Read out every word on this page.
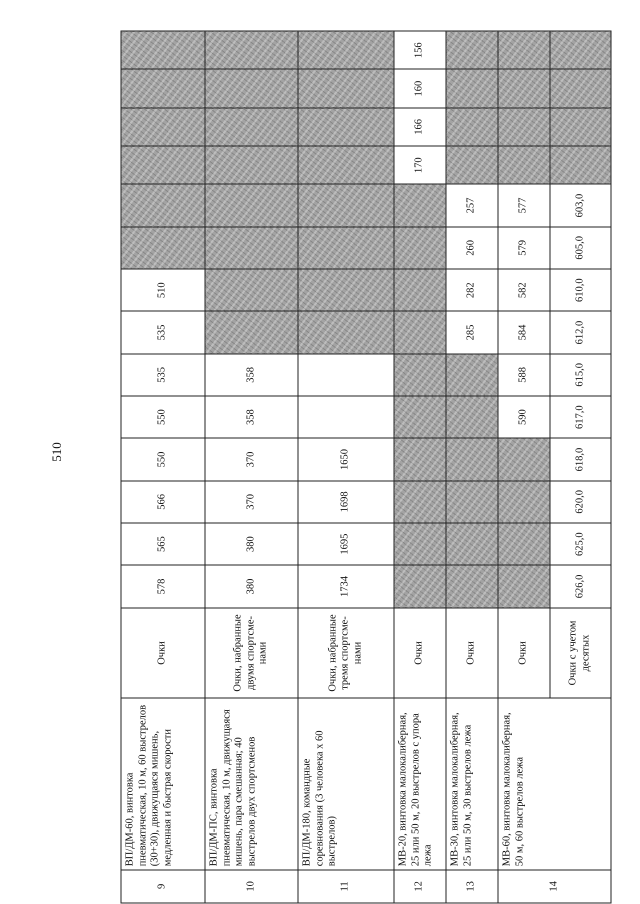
510
9	ВП/ДМ-60, винтовка пневматическая, 10 м, 60 выстрелов (30+30), движущаяся мишень, медленная и быстрая скорости	Очки	578	565	566	550	550	535	535	510						
10	ВП/ДМ-ПС, винтовка пневматическая, 10 м, движущаяся мишень, пара смешанная; 40 выстрелов двух спортсменов	Очки, набранные двумя спортсме-нами	380	380	370	370	358	358								
11	ВП/ДМ-180, командные соревнования (3 человека x 60 выстрелов)	Очки, набранные тремя спортсме-нами	1734	1695	1698	1650										
12	МВ-20, винтовка малокалиберная, 25 или 50 м, 20 выстрелов с упора лежа	Очки											170	166	160	156
13	МВ-30, винтовка малокалиберная, 25 или 50 м, 30 выстрелов лежа	Очки							285	282	260	257				
14	МВ-60, винтовка малокалиберная, 50 м, 60 выстрелов лежа	Очки					590	588	584	582	579	577				
		Очки с учетом десятых	626,0	625,0	620,0	618,0	617,0	615,0	612,0	610,0	605,0	603,0				
